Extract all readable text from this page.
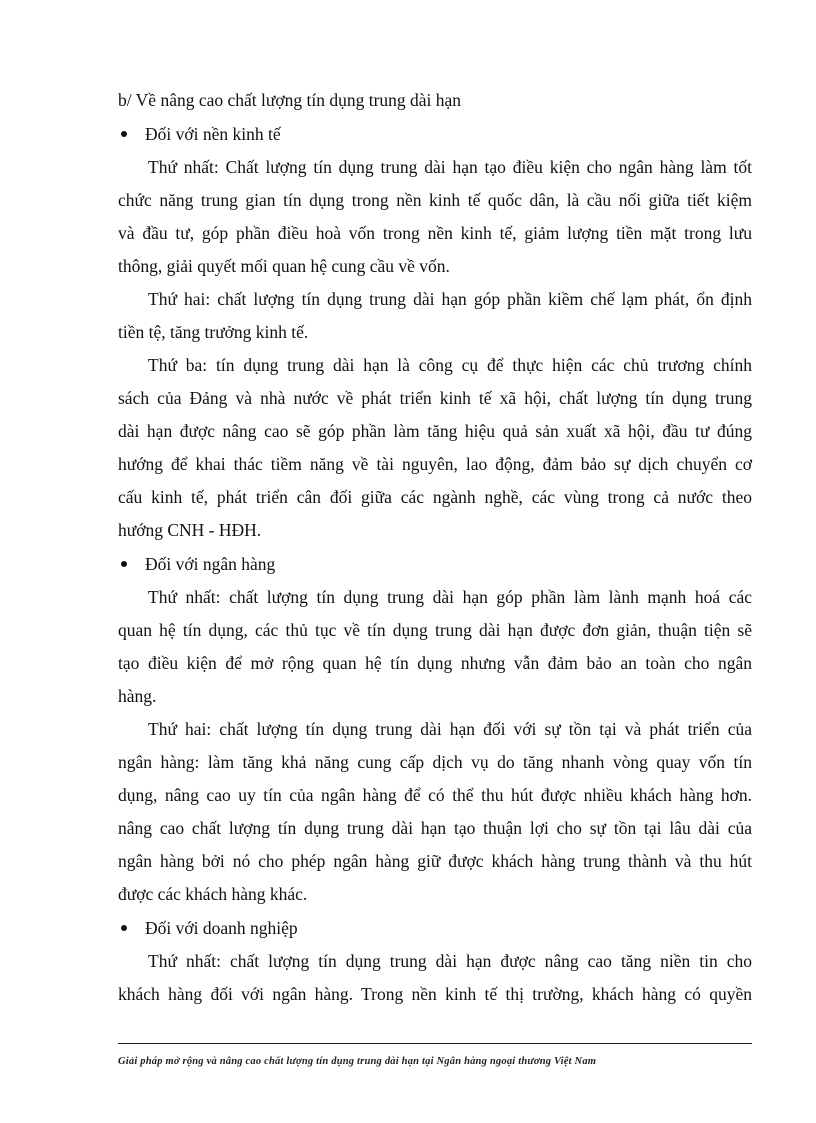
b/ Về nâng cao chất lượng tín dụng trung dài hạn
Đối với nền kinh tế
Thứ nhất: Chất lượng tín dụng trung dài hạn tạo điều kiện cho ngân hàng làm tốt
chức năng trung gian tín dụng trong nền kinh tế quốc dân, là cầu nối giữa tiết kiệm
và đầu tư, góp phần điều hoà vốn trong nền kinh tế, giảm lượng tiền mặt trong lưu
thông, giải quyết mối quan hệ cung cầu về vốn.
Thứ hai: chất lượng tín dụng trung dài hạn góp phần kiềm chế lạm phát, ổn định
tiền tệ, tăng trưởng kinh tế.
Thứ ba: tín dụng trung dài hạn là công cụ để thực hiện các chủ trương chính
sách của Đảng và nhà nước về phát triển kinh tế xã hội, chất lượng tín dụng trung
dài hạn được nâng cao sẽ góp phần làm tăng hiệu quả sản xuất xã hội, đầu tư đúng
hướng để khai thác tiềm năng về tài nguyên, lao động, đảm bảo sự dịch chuyển cơ
cấu kinh tế, phát triển cân đối giữa các ngành nghề, các vùng trong cả nước theo
hướng CNH - HĐH.
Đối với ngân hàng
Thứ nhất: chất lượng tín dụng trung dài hạn góp phần làm lành mạnh hoá các
quan hệ tín dụng, các thủ tục về tín dụng trung dài hạn được đơn giản, thuận tiện sẽ
tạo điều kiện để mở rộng quan hệ tín dụng nhưng vẫn đảm bảo an toàn cho ngân
hàng.
Thứ hai: chất lượng tín dụng trung dài hạn đối với sự tồn tại và phát triển của
ngân hàng: làm tăng khả năng cung cấp dịch vụ do tăng nhanh vòng quay vốn tín
dụng, nâng cao uy tín của ngân hàng để có thể thu hút được nhiều khách hàng hơn.
nâng cao chất lượng tín dụng trung dài hạn tạo thuận lợi cho sự tồn tại lâu dài của
ngân hàng bởi nó cho phép ngân hàng giữ được khách hàng trung thành và thu hút
được các khách hàng khác.
Đối với doanh nghiệp
Thứ nhất: chất lượng tín dụng trung dài hạn được nâng cao tăng niền tin cho
khách hàng đối với ngân hàng. Trong nền kinh tế thị trường, khách hàng có quyền
Giải pháp mở rộng và nâng cao chất lượng tín dụng trung dài hạn tại Ngân hàng ngoại thương Việt Nam
